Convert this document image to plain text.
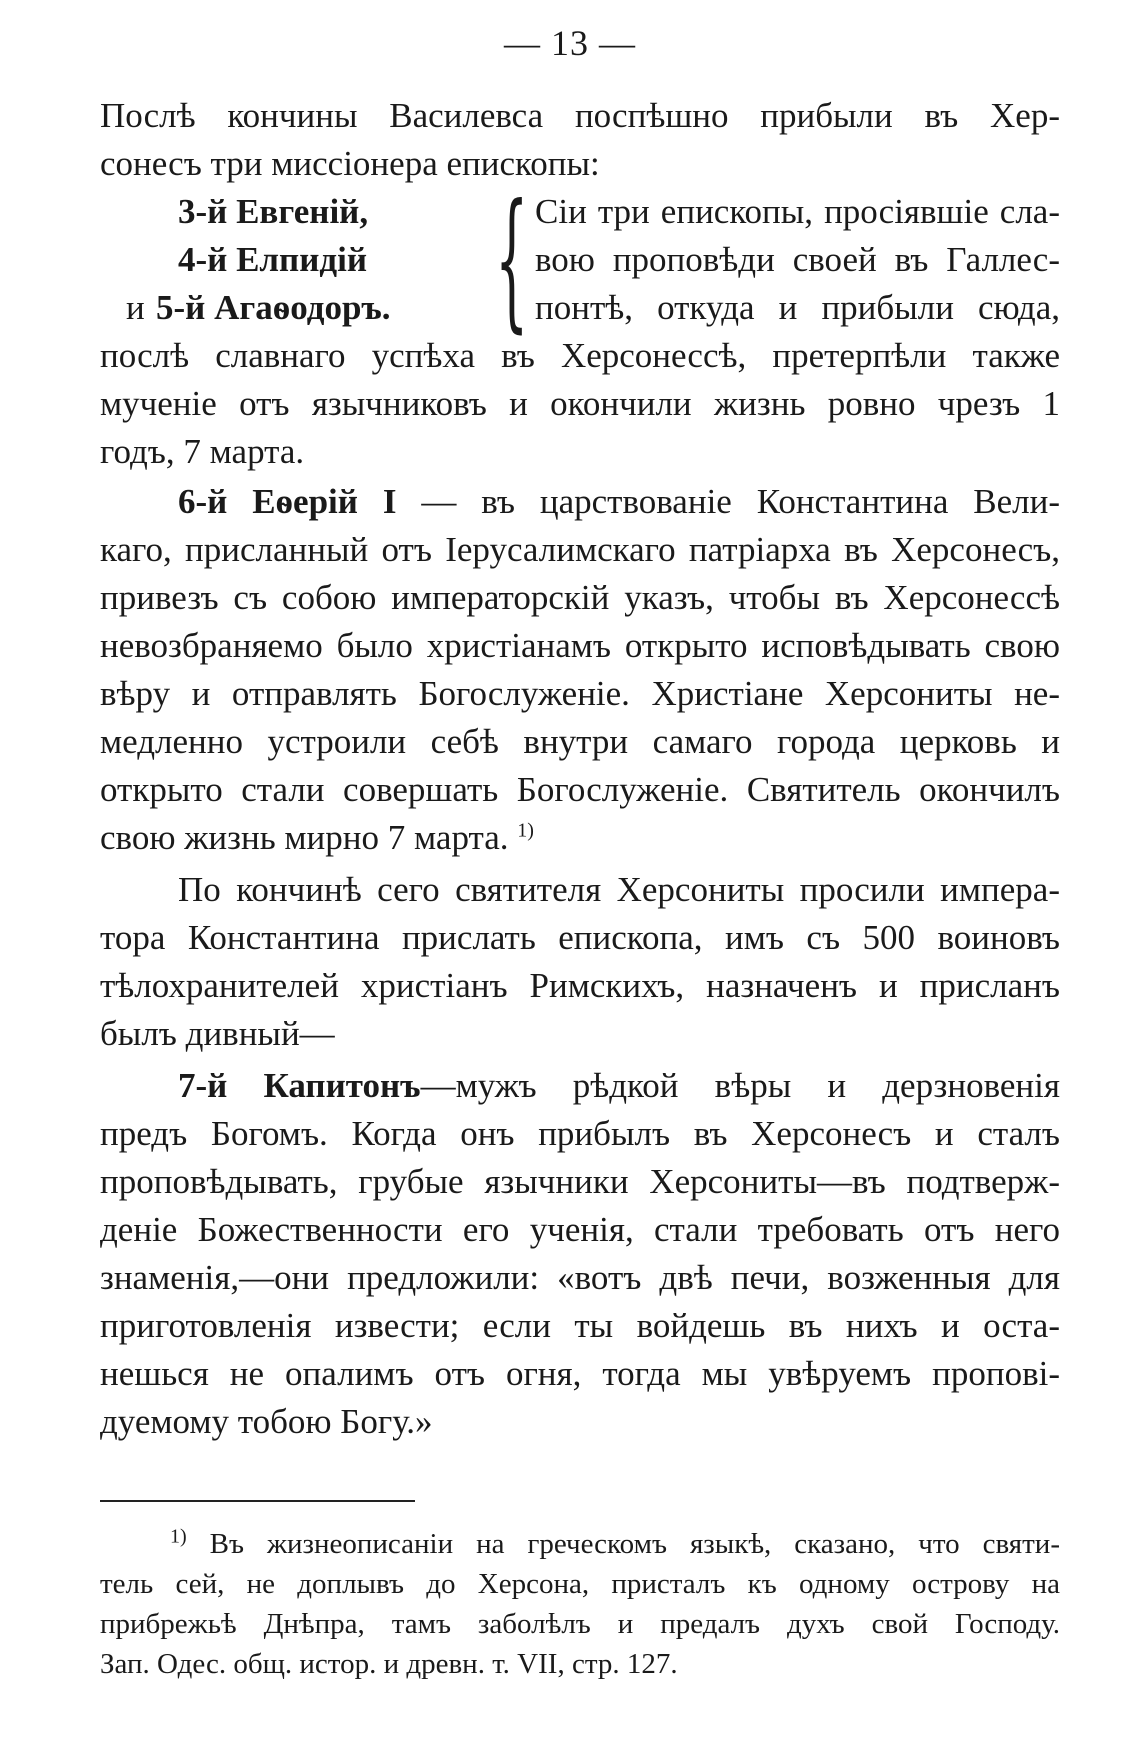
— 13 —
Послѣ кончины Василевса поспѣшно прибыли въ Хер-
сонесъ три миссiонера епископы:
3-й Евгенiй,
4-й Елпидiй
и 5-й Агаѳодоръ. { Сiи три епископы, просiявшiе сла-
вою проповѣди своей въ Галлес-
понтѣ, откуда и прибыли сюда,
послѣ славнаго успѣха въ Херсонессѣ, претерпѣли также
мученiе отъ язычниковъ и окончили жизнь ровно чрезъ 1
годъ, 7 марта.
6-й Еѳерiй I — въ царствованiе Константина Вели-
каго, присланный отъ Iерусалимскаго патрiарха въ Херсонесъ,
привезъ съ собою императорскiй указъ, чтобы въ Херсонессѣ
невозбраняемо было христiанамъ открыто исповѣдывать свою
вѣру и отправлять Богослуженiе. Христiане Херсониты не-
медленно устроили себѣ внутри самаго города церковь и
открыто стали совершать Богослуженiе. Святитель окончилъ
свою жизнь мирно 7 марта. $^{1)}$
По кончинѣ сего святителя Херсониты просили импера-
тора Константина прислать епископа, имъ съ 500 воиновъ
тѣлохранителей христiанъ Римскихъ, назначенъ и присланъ
былъ дивный—
7-й Капитонъ—мужъ рѣдкой вѣры и дерзновенiя
предъ Богомъ. Когда онъ прибылъ въ Херсонесъ и сталъ
проповѣдывать, грубые язычники Херсониты—въ подтверж-
денiе Божественности его ученiя, стали требовать отъ него
знаменiя,—они предложили: «вотъ двѣ печи, возженныя для
приготовленiя извести; если ты войдешь въ нихъ и оста-
нешься не опалимъ отъ огня, тогда мы увѣруемъ пропові-
дуемому тобою Богу.»
$^{1)}$ Въ жизнеописанiи на греческомъ языкѣ, сказано, что святи-
тель сей, не доплывъ до Херсона, присталъ къ одному острову на
прибрежьѣ Днѣпра, тамъ заболѣлъ и предалъ духъ свой Господу.
Зап. Одес. общ. истор. и древн. т. VII, стр. 127.
